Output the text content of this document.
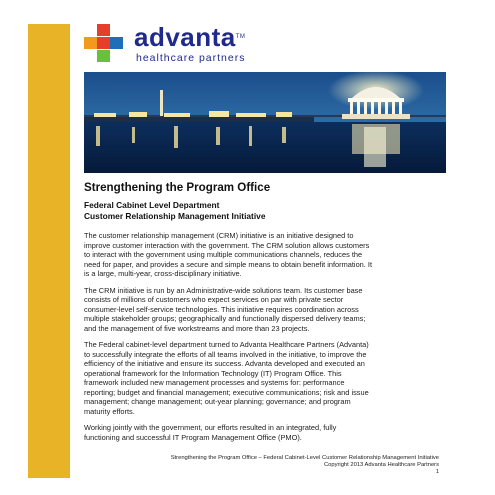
advanta™
healthcare partners
Strengthening the Program Office
Federal Cabinet Level Department
Customer Relationship Management Initiative

The customer relationship management (CRM) initiative is an initiative designed to
improve customer interaction with the government. The CRM solution allows customers
to interact with the government using multiple communications channels, reduces the
need for paper, and provides a secure and simple means to obtain benefit information. It
is a large, multi-year, cross-disciplinary initiative.

The CRM initiative is run by an Administrative-wide solutions team. Its customer base
consists of millions of customers who expect services on par with private sector
consumer-level self-service technologies. This initiative requires coordination across
multiple stakeholder groups; geographically and functionally dispersed delivery teams;
and the management of five workstreams and more than 23 projects.

The Federal cabinet-level department turned to Advanta Healthcare Partners (Advanta)
to successfully integrate the efforts of all teams involved in the initiative, to improve the
efficiency of the initiative and ensure its success. Advanta developed and executed an
operational framework for the Information Technology (IT) Program Office. This
framework included new management processes and systems for: performance
reporting; budget and financial management; executive communications; risk and issue
management; change management; out-year planning; governance; and program
maturity efforts.

Working jointly with the government, our efforts resulted in an integrated, fully
functioning and successful IT Program Management Office (PMO).

Strengthening the Program Office – Federal Cabinet-Level Customer Relationship Management Initiative
Copyright 2013 Advanta Healthcare Partners
1
